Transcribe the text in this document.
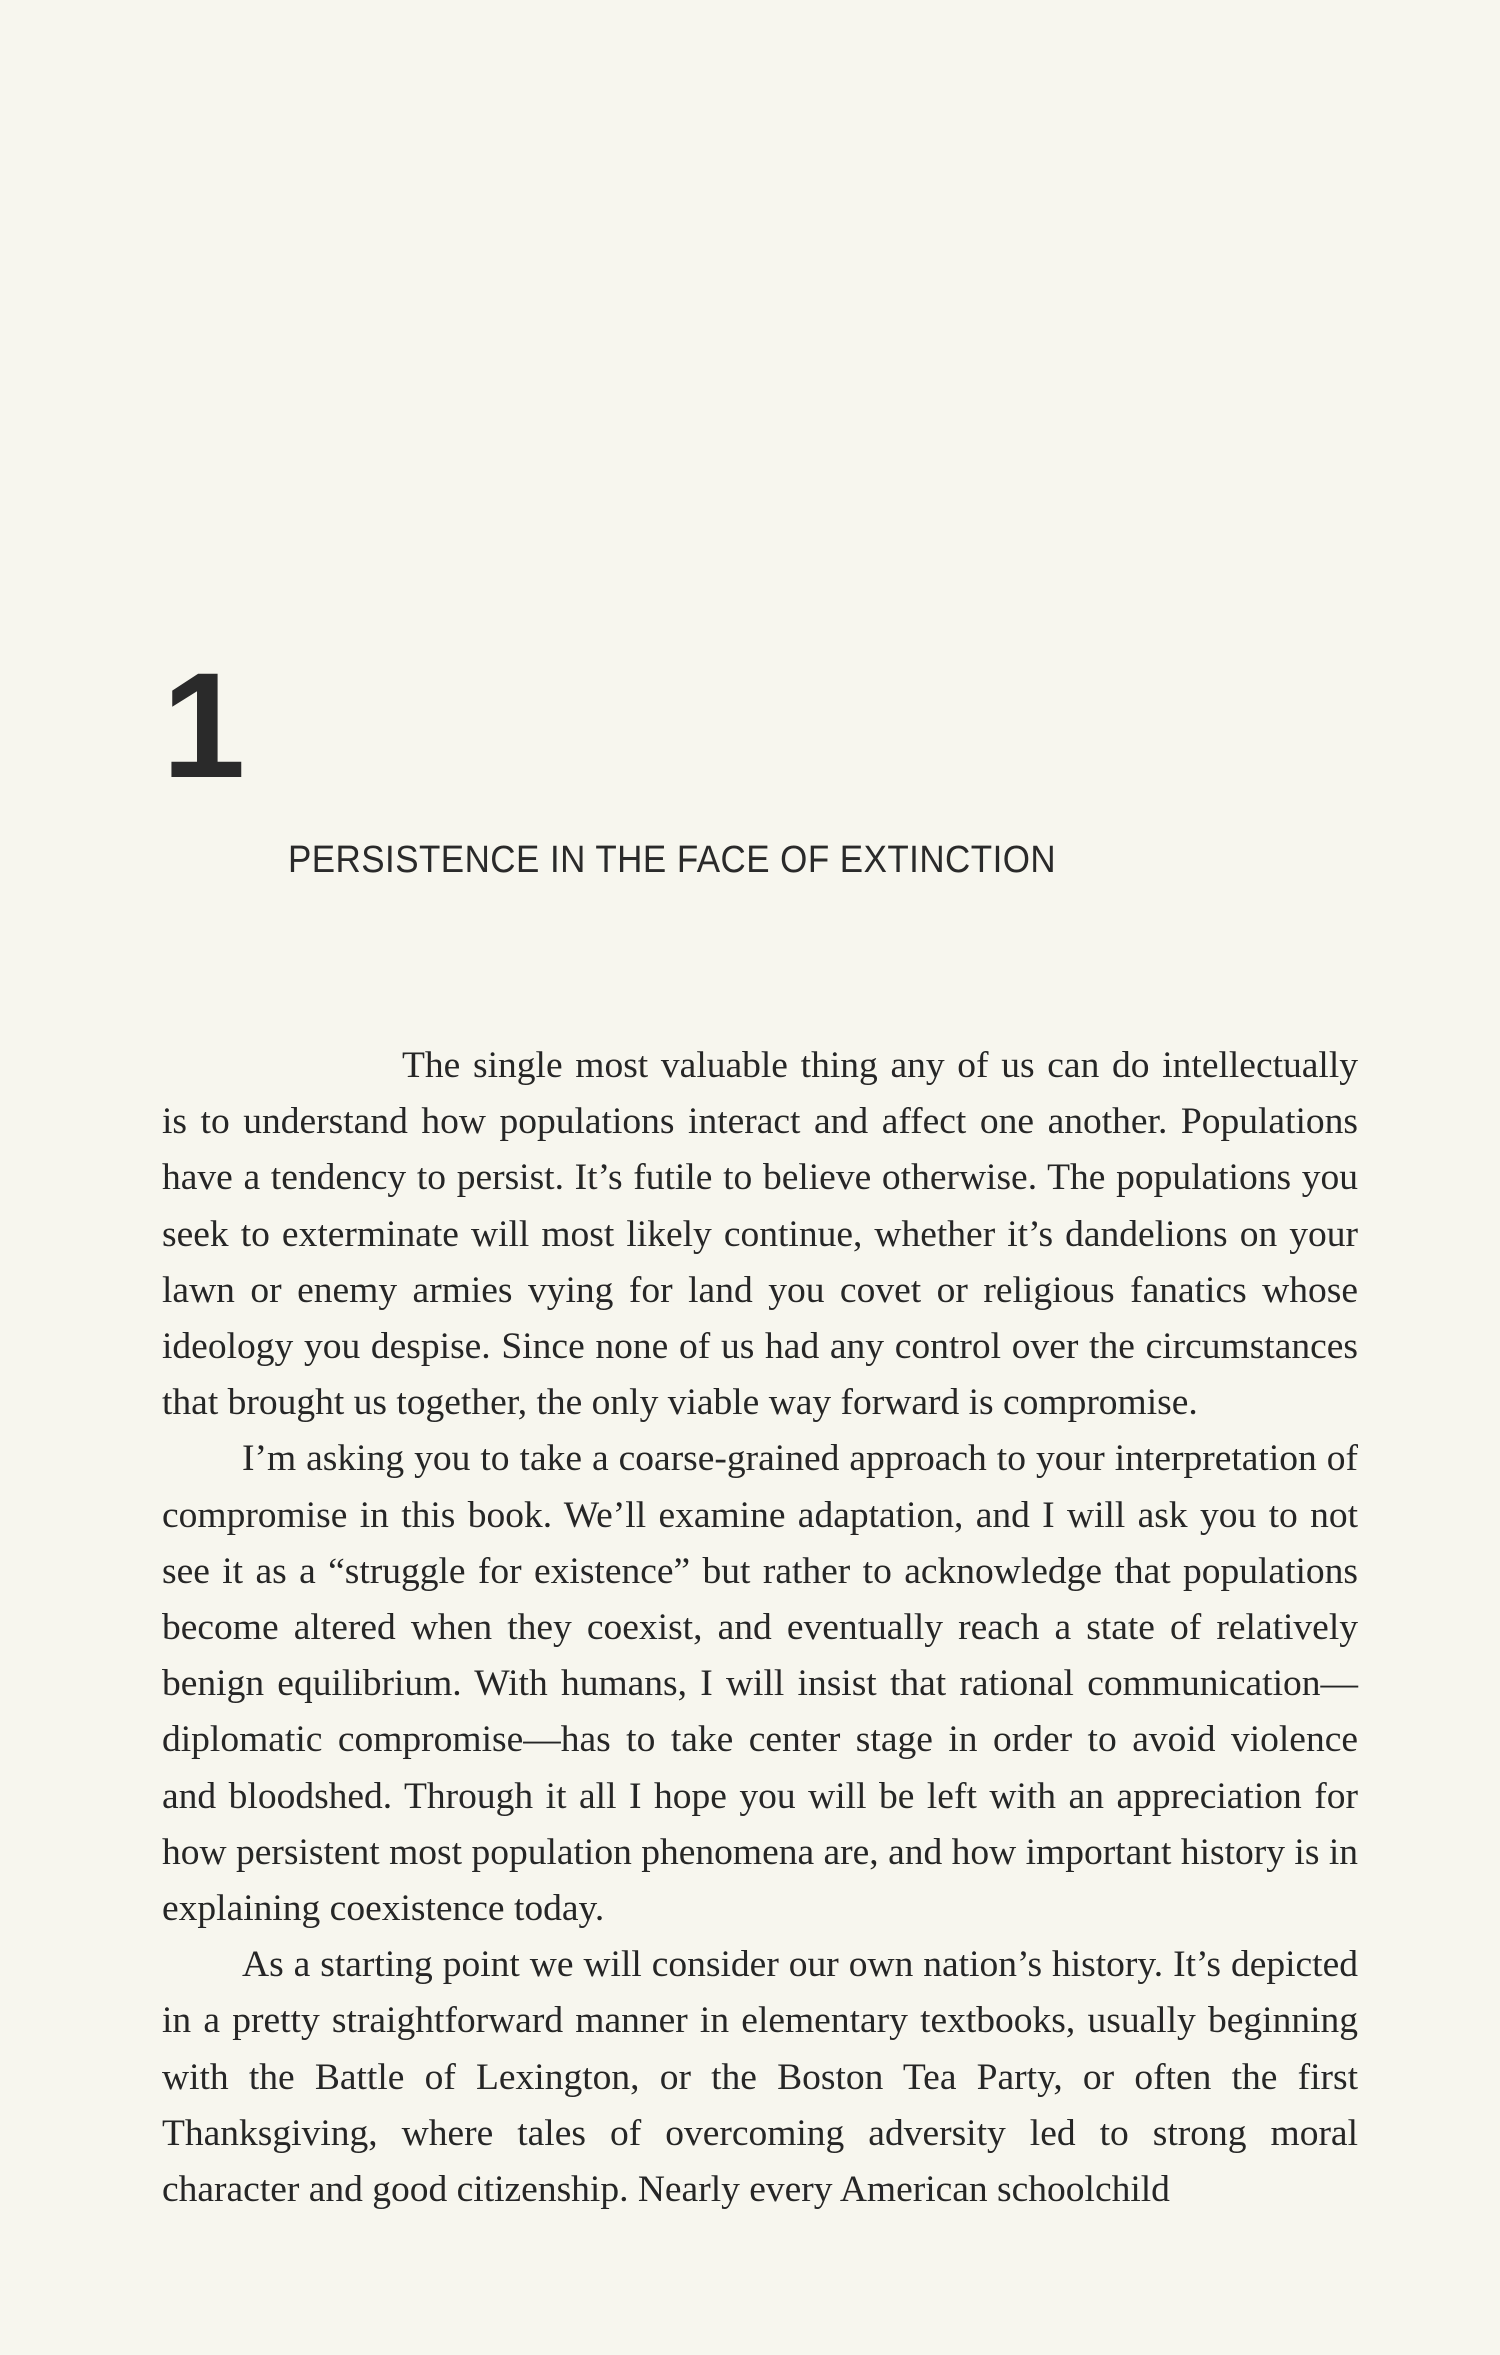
1
PERSISTENCE IN THE FACE OF EXTINCTION

The single most valuable thing any of us can do intellectually is to understand how populations interact and affect one another. Populations have a tendency to persist. It’s futile to believe otherwise. The populations you seek to exterminate will most likely continue, whether it’s dandelions on your lawn or enemy armies vying for land you covet or religious fanatics whose ideology you despise. Since none of us had any control over the circumstances that brought us together, the only viable way forward is compromise.

I’m asking you to take a coarse-grained approach to your interpretation of compromise in this book. We’ll examine adaptation, and I will ask you to not see it as a “struggle for existence” but rather to acknowledge that populations become altered when they coexist, and eventually reach a state of relatively benign equilibrium. With humans, I will insist that rational communication—diplomatic compromise—has to take center stage in order to avoid violence and bloodshed. Through it all I hope you will be left with an appreciation for how persistent most population phenomena are, and how important history is in explaining coexistence today.

As a starting point we will consider our own nation’s history. It’s depicted in a pretty straightforward manner in elementary textbooks, usually beginning with the Battle of Lexington, or the Boston Tea Party, or often the first Thanksgiving, where tales of overcoming adversity led to strong moral character and good citizenship. Nearly every American schoolchild
